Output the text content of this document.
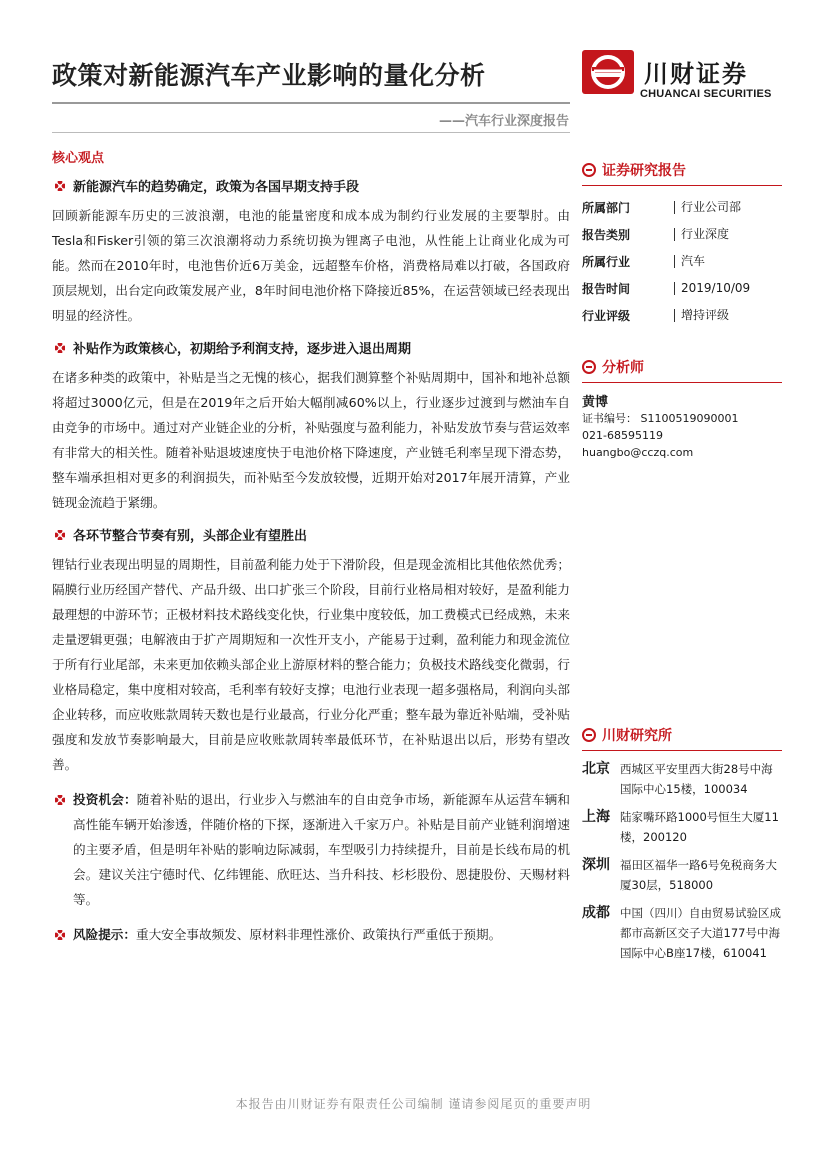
政策对新能源汽车产业影响的量化分析	川财证券
CHUANCAI SECURITIES
——汽车行业深度报告
核心观点
新能源汽车的趋势确定，政策为各国早期支持手段

回顾新能源车历史的三波浪潮，电池的能量密度和成本成为制约行业发展的主要掣肘。由Tesla和Fisker引领的第三次浪潮将动力系统切换为锂离子电池，从性能上让商业化成为可能。然而在2010年时，电池售价近6万美金，远超整车价格，消费格局难以打破，各国政府顶层规划，出台定向政策发展产业，8年时间电池价格下降接近85%，在运营领域已经表现出明显的经济性。

补贴作为政策核心，初期给予利润支持，逐步进入退出周期

在诸多种类的政策中，补贴是当之无愧的核心，据我们测算整个补贴周期中，国补和地补总额将超过3000亿元，但是在2019年之后开始大幅削减60%以上，行业逐步过渡到与燃油车自由竞争的市场中。通过对产业链企业的分析，补贴强度与盈利能力，补贴发放节奏与营运效率有非常大的相关性。随着补贴退坡速度快于电池价格下降速度，产业链毛利率呈现下滑态势，整车端承担相对更多的利润损失，而补贴至今发放较慢，近期开始对2017年展开清算，产业链现金流趋于紧绷。

各环节整合节奏有别，头部企业有望胜出

锂钴行业表现出明显的周期性，目前盈利能力处于下滑阶段，但是现金流相比其他依然优秀；隔膜行业历经国产替代、产品升级、出口扩张三个阶段，目前行业格局相对较好，是盈利能力最理想的中游环节；正极材料技术路线变化快，行业集中度较低，加工费模式已经成熟，未来走量逻辑更强；电解液由于扩产周期短和一次性开支小，产能易于过剩，盈利能力和现金流位于所有行业尾部，未来更加依赖头部企业上游原材料的整合能力；负极技术路线变化微弱，行业格局稳定，集中度相对较高，毛利率有较好支撑；电池行业表现一超多强格局，利润向头部企业转移，而应收账款周转天数也是行业最高，行业分化严重；整车最为靠近补贴端，受补贴强度和发放节奏影响最大，目前是应收账款周转率最低环节，在补贴退出以后，形势有望改善。

投资机会：随着补贴的退出，行业步入与燃油车的自由竞争市场，新能源车从运营车辆和高性能车辆开始渗透，伴随价格的下探，逐渐进入千家万户。补贴是目前产业链利润增速的主要矛盾，但是明年补贴的影响边际减弱，车型吸引力持续提升，目前是长线布局的机会。建议关注宁德时代、亿纬锂能、欣旺达、当升科技、杉杉股份、恩捷股份、天赐材料等。

风险提示：重大安全事故频发、原材料非理性涨价、政策执行严重低于预期。

证券研究报告
所属部门	行业公司部
报告类别	行业深度
所属行业	汽车
报告时间	2019/10/09
行业评级	增持评级
分析师
黄博
证书编号： S1100519090001
021-68595119
huangbo@cczq.com
川财研究所
北京 西城区平安里西大街28号中海国际中心15楼，100034
上海 陆家嘴环路1000号恒生大厦11楼，200120
深圳 福田区福华一路6号免税商务大厦30层，518000
成都 中国（四川）自由贸易试验区成都市高新区交子大道177号中海国际中心B座17楼，610041
本报告由川财证券有限责任公司编制 谨请参阅尾页的重要声明
